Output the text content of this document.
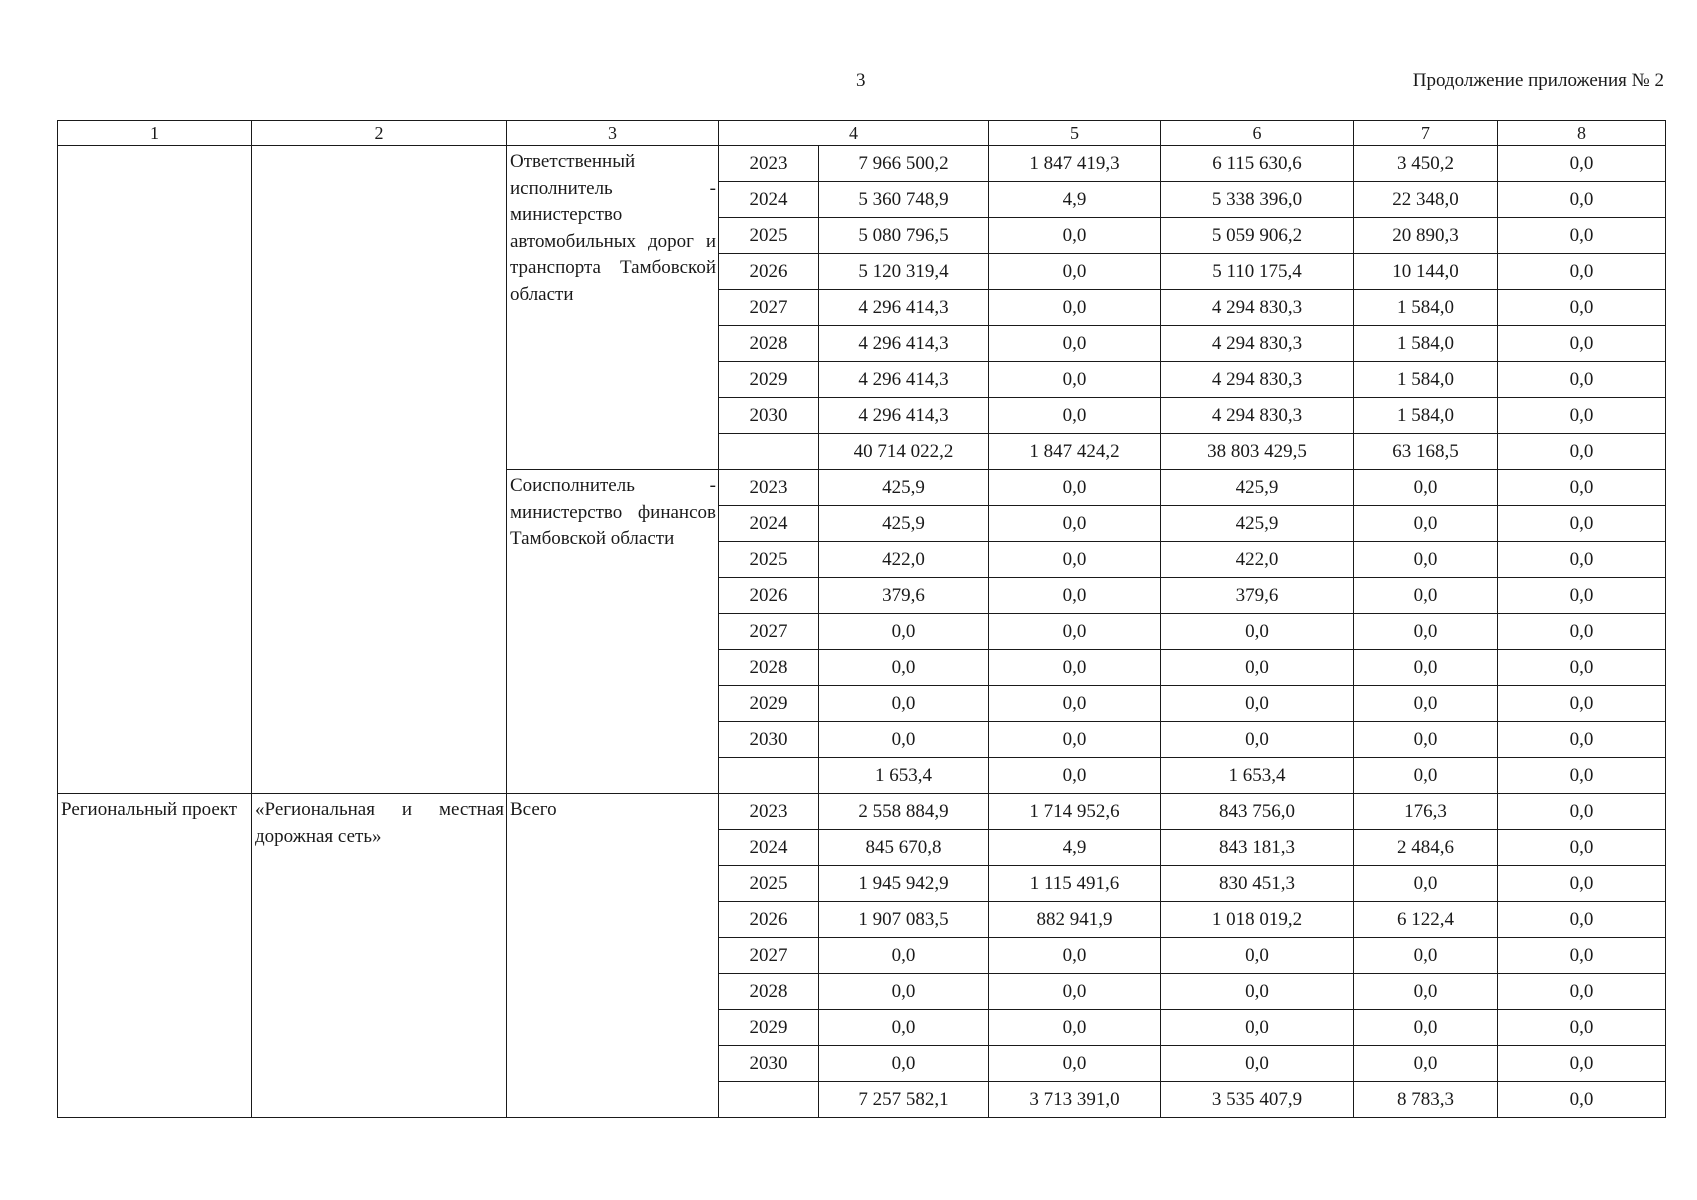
3	Продолжение приложения № 2
1	2	3	4		5	6	7	8
		Ответственный исполнитель - министерство автомобильных дорог и транспорта Тамбовской области	2023	7 966 500,2	1 847 419,3	6 115 630,6	3 450,2	0,0
			2024	5 360 748,9	4,9	5 338 396,0	22 348,0	0,0
			2025	5 080 796,5	0,0	5 059 906,2	20 890,3	0,0
			2026	5 120 319,4	0,0	5 110 175,4	10 144,0	0,0
			2027	4 296 414,3	0,0	4 294 830,3	1 584,0	0,0
			2028	4 296 414,3	0,0	4 294 830,3	1 584,0	0,0
			2029	4 296 414,3	0,0	4 294 830,3	1 584,0	0,0
			2030	4 296 414,3	0,0	4 294 830,3	1 584,0	0,0
				40 714 022,2	1 847 424,2	38 803 429,5	63 168,5	0,0
		Соисполнитель - министерство финансов Тамбовской области	2023	425,9	0,0	425,9	0,0	0,0
			2024	425,9	0,0	425,9	0,0	0,0
			2025	422,0	0,0	422,0	0,0	0,0
			2026	379,6	0,0	379,6	0,0	0,0
			2027	0,0	0,0	0,0	0,0	0,0
			2028	0,0	0,0	0,0	0,0	0,0
			2029	0,0	0,0	0,0	0,0	0,0
			2030	0,0	0,0	0,0	0,0	0,0
				1 653,4	0,0	1 653,4	0,0	0,0
Региональный проект	«Региональная и местная дорожная сеть»	Всего	2023	2 558 884,9	1 714 952,6	843 756,0	176,3	0,0
			2024	845 670,8	4,9	843 181,3	2 484,6	0,0
			2025	1 945 942,9	1 115 491,6	830 451,3	0,0	0,0
			2026	1 907 083,5	882 941,9	1 018 019,2	6 122,4	0,0
			2027	0,0	0,0	0,0	0,0	0,0
			2028	0,0	0,0	0,0	0,0	0,0
			2029	0,0	0,0	0,0	0,0	0,0
			2030	0,0	0,0	0,0	0,0	0,0
				7 257 582,1	3 713 391,0	3 535 407,9	8 783,3	0,0
